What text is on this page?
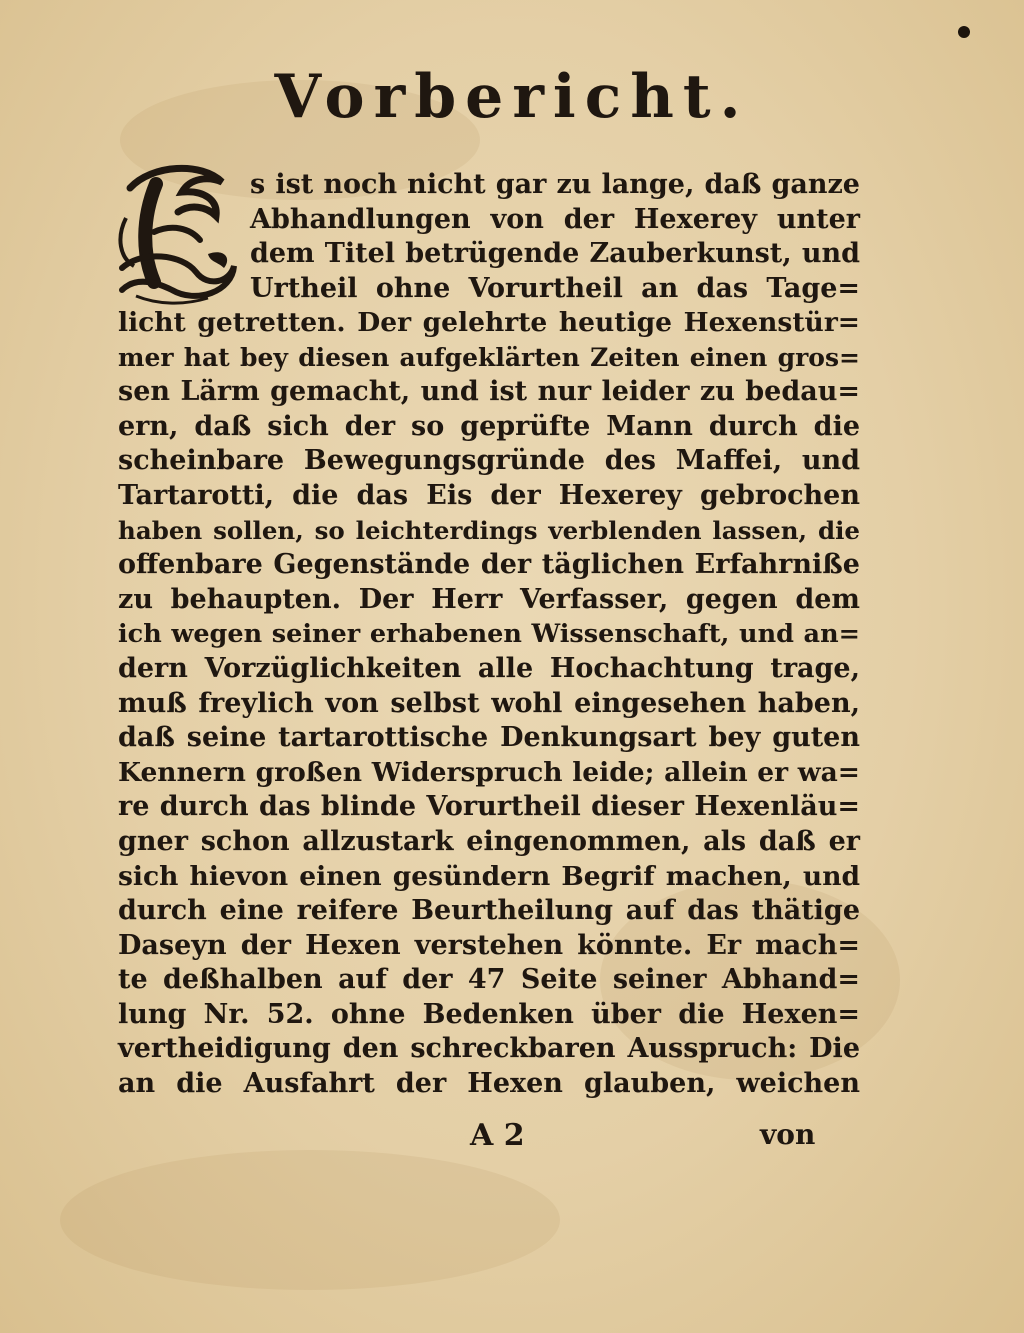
Vorbericht.
s ist noch nicht gar zu lange, daß ganze
Abhandlungen von der Hexerey unter
dem Titel betrügende Zauberkunst, und
Urtheil ohne Vorurtheil an das Tage=
licht getretten. Der gelehrte heutige Hexenstür=
mer hat bey diesen aufgeklärten Zeiten einen gros=
sen Lärm gemacht, und ist nur leider zu bedau=
ern, daß sich der so geprüfte Mann durch die
scheinbare Bewegungsgründe des Maffei, und
Tartarotti, die das Eis der Hexerey gebrochen
haben sollen, so leichterdings verblenden lassen, die
offenbare Gegenstände der täglichen Erfahrniße
zu behaupten. Der Herr Verfasser, gegen dem
ich wegen seiner erhabenen Wissenschaft, und an=
dern Vorzüglichkeiten alle Hochachtung trage,
muß freylich von selbst wohl eingesehen haben,
daß seine tartarottische Denkungsart bey guten
Kennern großen Widerspruch leide; allein er wa=
re durch das blinde Vorurtheil dieser Hexenläu=
gner schon allzustark eingenommen, als daß er
sich hievon einen gesündern Begrif machen, und
durch eine reifere Beurtheilung auf das thätige
Daseyn der Hexen verstehen könnte. Er mach=
te deßhalben auf der 47 Seite seiner Abhand=
lung Nr. 52. ohne Bedenken über die Hexen=
vertheidigung den schreckbaren Ausspruch: Die
an die Ausfahrt der Hexen glauben, weichen
A 2	von
